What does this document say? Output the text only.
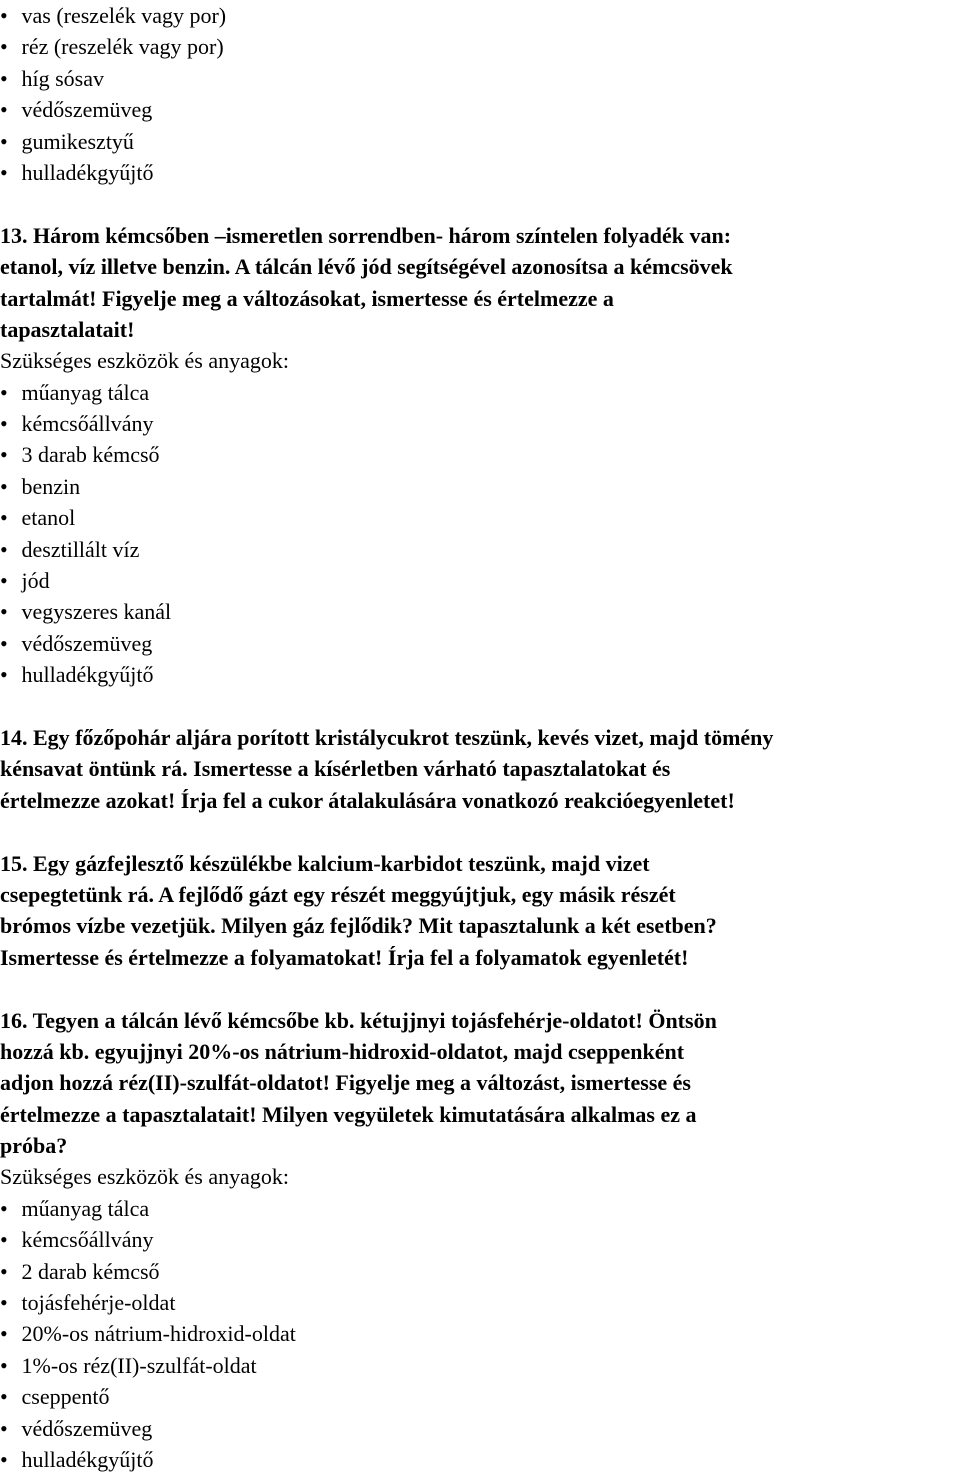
• vas (reszelék vagy por)
• réz (reszelék vagy por)
• híg sósav
• védőszemüveg
• gumikesztyű
• hulladékgyűjtő
13. Három kémcsőben –ismeretlen sorrendben- három színtelen folyadék van:
etanol, víz illetve benzin. A tálcán lévő jód segítségével azonosítsa a kémcsövek
tartalmát! Figyelje meg a változásokat, ismertesse és értelmezze a
tapasztalatait!
Szükséges eszközök és anyagok:
• műanyag tálca
• kémcsőállvány
• 3 darab kémcső
• benzin
• etanol
• desztillált víz
• jód
• vegyszeres kanál
• védőszemüveg
• hulladékgyűjtő
14. Egy főzőpohár aljára porított kristálycukrot teszünk, kevés vizet, majd tömény
kénsavat öntünk rá. Ismertesse a kísérletben várható tapasztalatokat és
értelmezze azokat! Írja fel a cukor átalakulására vonatkozó reakcióegyenletet!
15. Egy gázfejlesztő készülékbe kalcium-karbidot teszünk, majd vizet
csepegtetünk rá. A fejlődő gázt egy részét meggyújtjuk, egy másik részét
brómos vízbe vezetjük. Milyen gáz fejlődik? Mit tapasztalunk a két esetben?
Ismertesse és értelmezze a folyamatokat! Írja fel a folyamatok egyenletét!
16. Tegyen a tálcán lévő kémcsőbe kb. kétujjnyi tojásfehérje-oldatot! Öntsön
hozzá kb. egyujjnyi 20%-os nátrium-hidroxid-oldatot, majd cseppenként
adjon hozzá réz(II)-szulfát-oldatot! Figyelje meg a változást, ismertesse és
értelmezze a tapasztalatait! Milyen vegyületek kimutatására alkalmas ez a
próba?
Szükséges eszközök és anyagok:
• műanyag tálca
• kémcsőállvány
• 2 darab kémcső
• tojásfehérje-oldat
• 20%-os nátrium-hidroxid-oldat
• 1%-os réz(II)-szulfát-oldat
• cseppentő
• védőszemüveg
• hulladékgyűjtő
